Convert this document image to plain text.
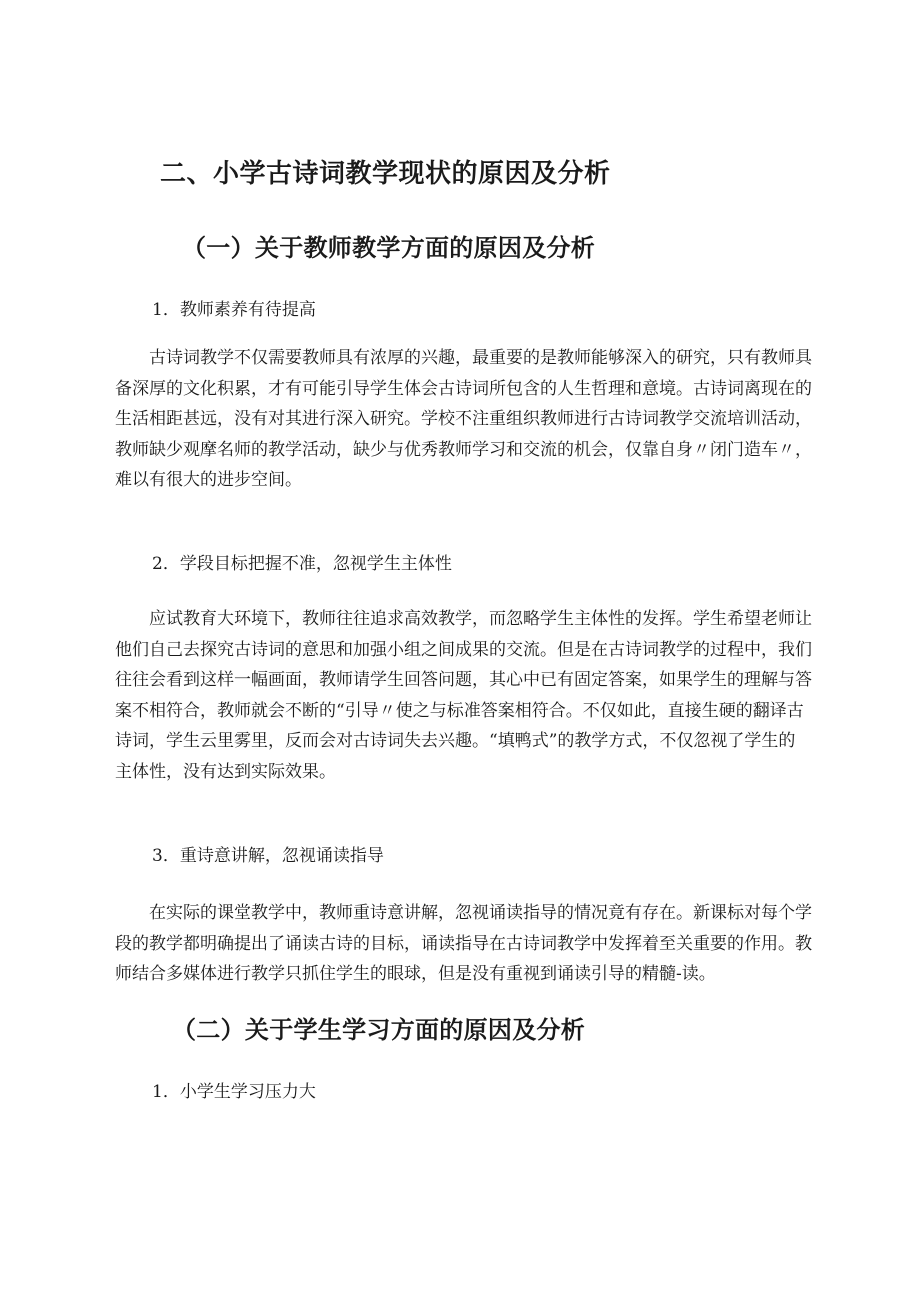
二、小学古诗词教学现状的原因及分析
（一）关于教师教学方面的原因及分析
1．教师素养有待提高
古诗词教学不仅需要教师具有浓厚的兴趣，最重要的是教师能够深入的研究，只有教师具
备深厚的文化积累，才有可能引导学生体会古诗词所包含的人生哲理和意境。古诗词离现在的
生活相距甚远，没有对其进行深入研究。学校不注重组织教师进行古诗词教学交流培训活动，
教师缺少观摩名师的教学活动，缺少与优秀教师学习和交流的机会，仅靠自身〃闭门造车〃，
难以有很大的进步空间。
2．学段目标把握不准，忽视学生主体性
应试教育大环境下，教师往往追求高效教学，而忽略学生主体性的发挥。学生希望老师让
他们自己去探究古诗词的意思和加强小组之间成果的交流。但是在古诗词教学的过程中，我们
往往会看到这样一幅画面，教师请学生回答问题，其心中已有固定答案，如果学生的理解与答
案不相符合，教师就会不断的“引导〃使之与标准答案相符合。不仅如此，直接生硬的翻译古
诗词，学生云里雾里，反而会对古诗词失去兴趣。“填鸭式”的教学方式，不仅忽视了学生的
主体性，没有达到实际效果。
3．重诗意讲解，忽视诵读指导
在实际的课堂教学中，教师重诗意讲解，忽视诵读指导的情况竟有存在。新课标对每个学
段的教学都明确提出了诵读古诗的目标，诵读指导在古诗词教学中发挥着至关重要的作用。教
师结合多媒体进行教学只抓住学生的眼球，但是没有重视到诵读引导的精髓-读。
（二）关于学生学习方面的原因及分析
1．小学生学习压力大
